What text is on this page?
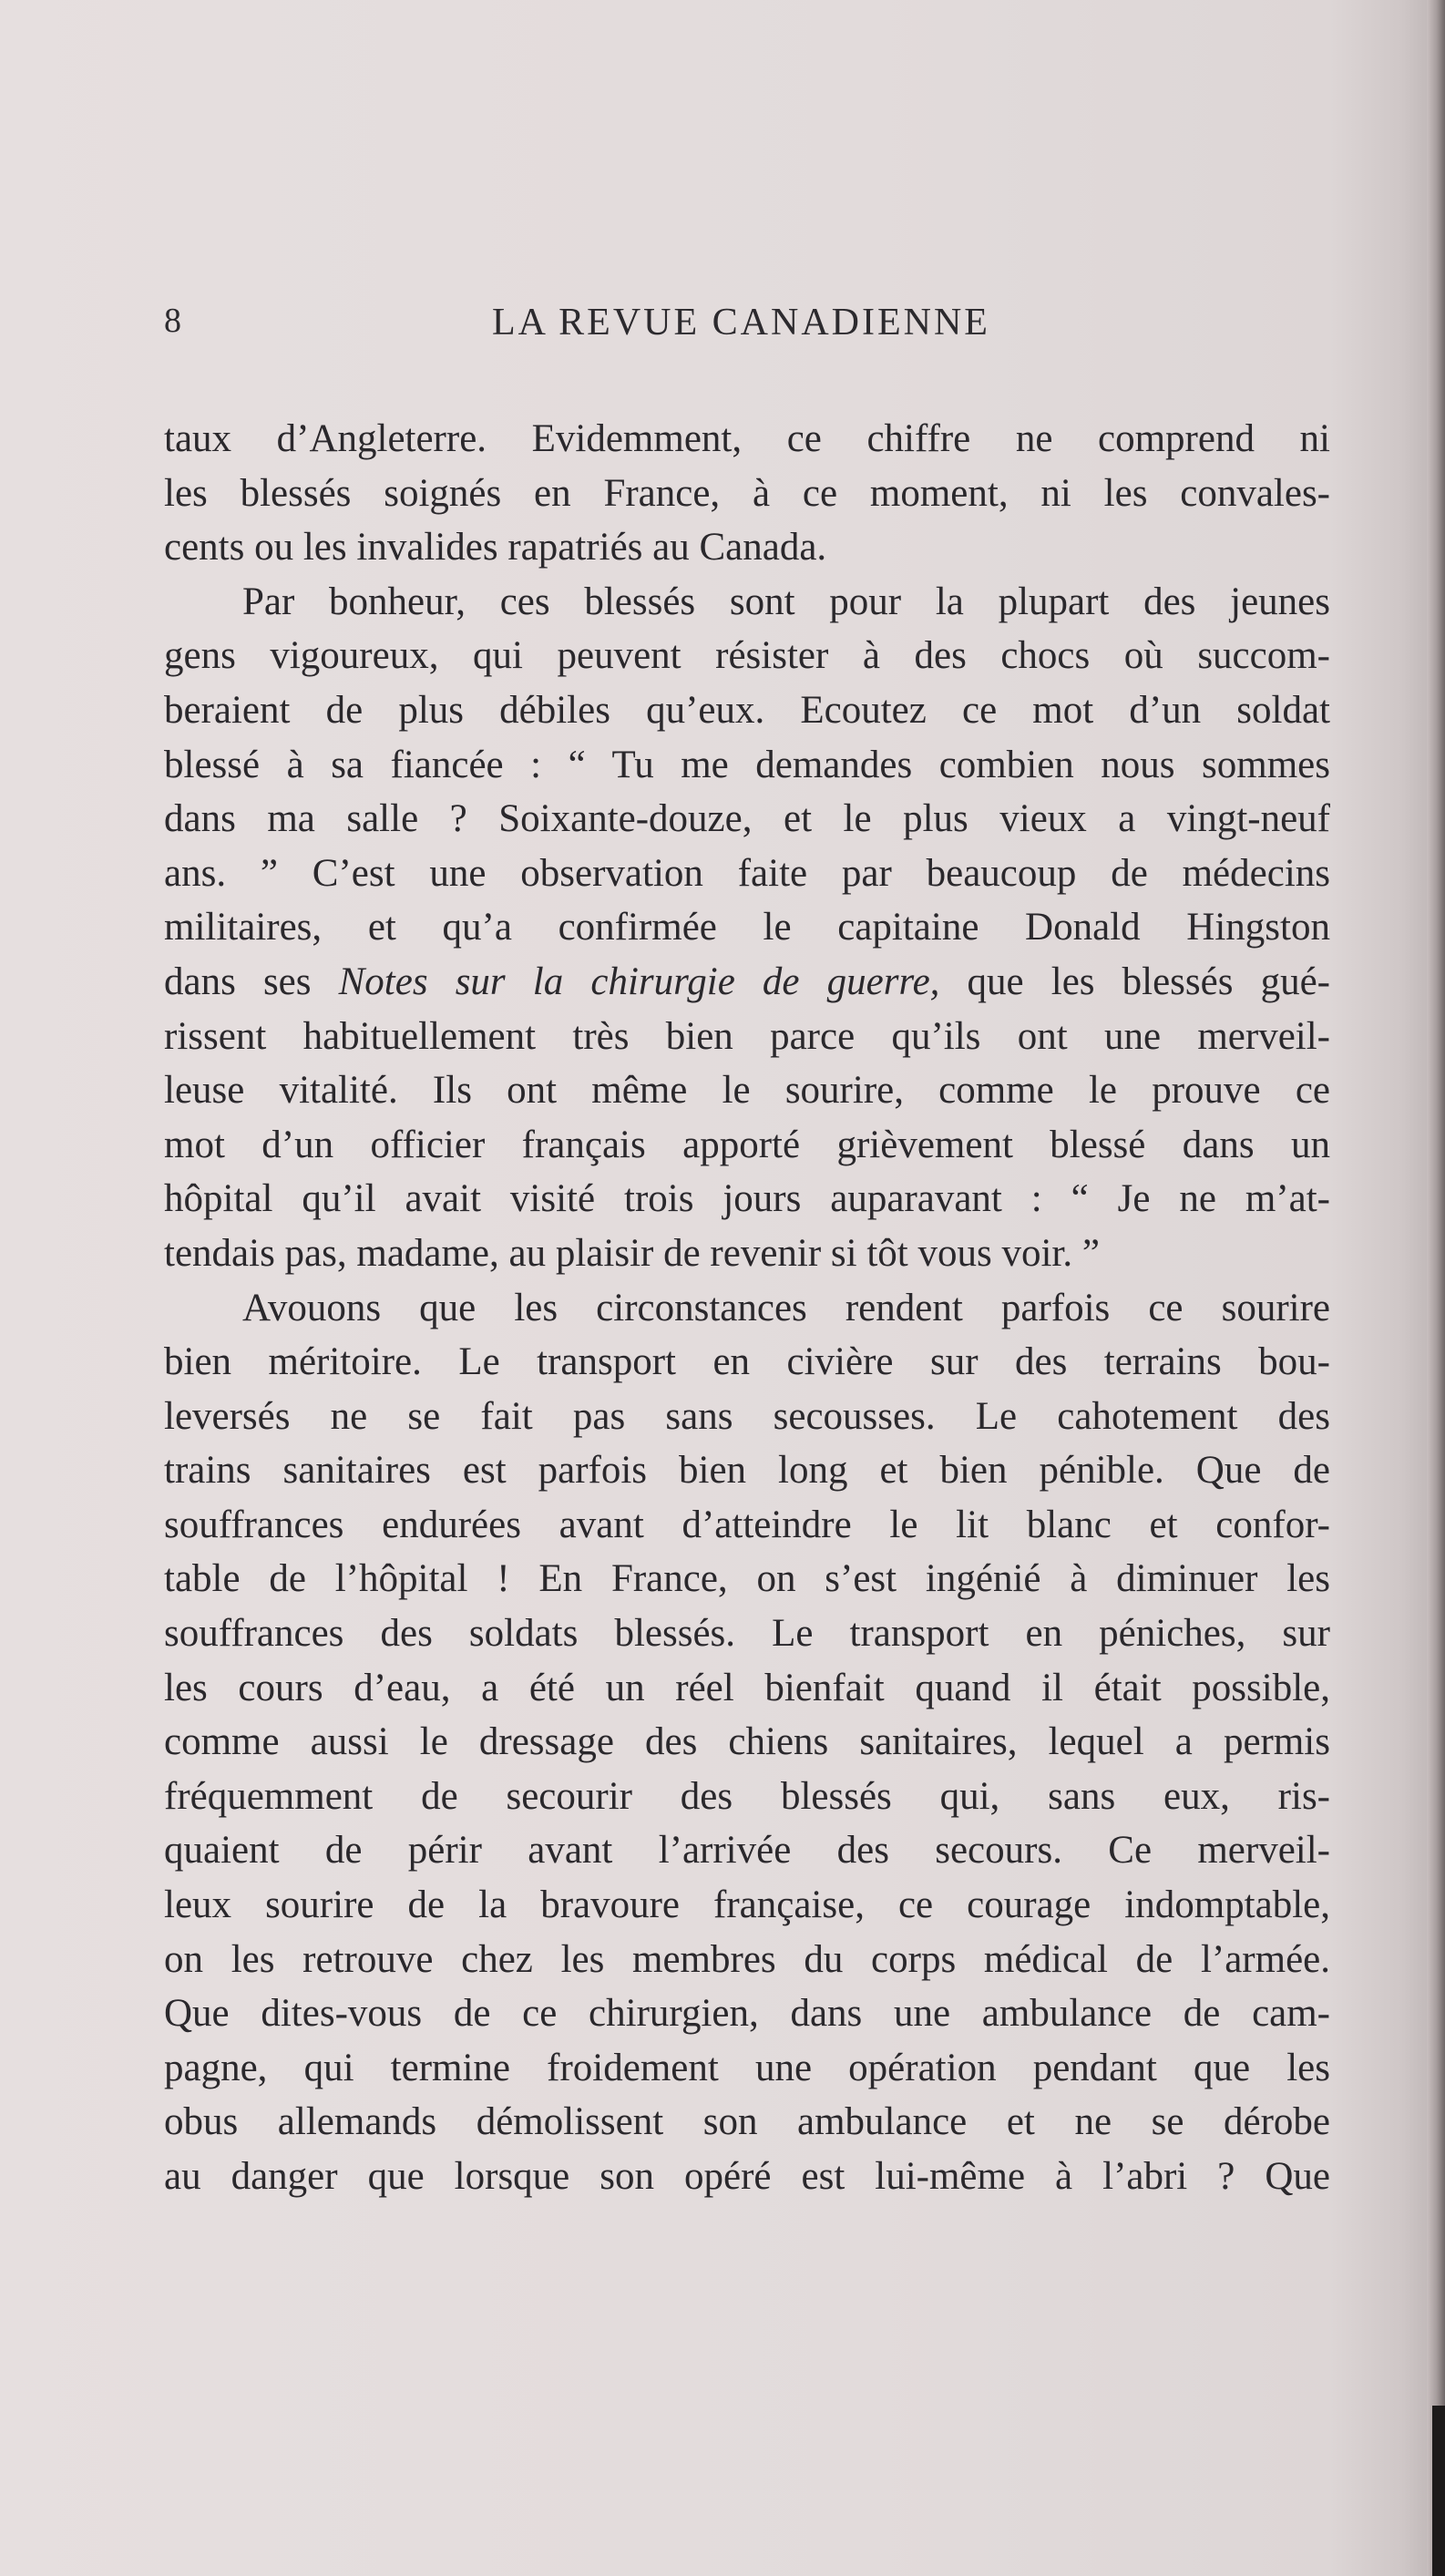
8	LA REVUE CANADIENNE
taux d’Angleterre. Evidemment, ce chiffre ne comprend ni
les blessés soignés en France, à ce moment, ni les convales-
cents ou les invalides rapatriés au Canada.
Par bonheur, ces blessés sont pour la plupart des jeunes
gens vigoureux, qui peuvent résister à des chocs où succom-
beraient de plus débiles qu’eux. Ecoutez ce mot d’un soldat
blessé à sa fiancée : “ Tu me demandes combien nous sommes
dans ma salle ? Soixante-douze, et le plus vieux a vingt-neuf
ans. ” C’est une observation faite par beaucoup de médecins
militaires, et qu’a confirmée le capitaine Donald Hingston
dans ses Notes sur la chirurgie de guerre, que les blessés gué-
rissent habituellement très bien parce qu’ils ont une merveil-
leuse vitalité. Ils ont même le sourire, comme le prouve ce
mot d’un officier français apporté grièvement blessé dans un
hôpital qu’il avait visité trois jours auparavant : “ Je ne m’at-
tendais pas, madame, au plaisir de revenir si tôt vous voir. ”
Avouons que les circonstances rendent parfois ce sourire
bien méritoire. Le transport en civière sur des terrains bou-
leversés ne se fait pas sans secousses. Le cahotement des
trains sanitaires est parfois bien long et bien pénible. Que de
souffrances endurées avant d’atteindre le lit blanc et confor-
table de l’hôpital ! En France, on s’est ingénié à diminuer les
souffrances des soldats blessés. Le transport en péniches, sur
les cours d’eau, a été un réel bienfait quand il était possible,
comme aussi le dressage des chiens sanitaires, lequel a permis
fréquemment de secourir des blessés qui, sans eux, ris-
quaient de périr avant l’arrivée des secours. Ce merveil-
leux sourire de la bravoure française, ce courage indomptable,
on les retrouve chez les membres du corps médical de l’armée.
Que dites-vous de ce chirurgien, dans une ambulance de cam-
pagne, qui termine froidement une opération pendant que les
obus allemands démolissent son ambulance et ne se dérobe
au danger que lorsque son opéré est lui-même à l’abri ? Que
